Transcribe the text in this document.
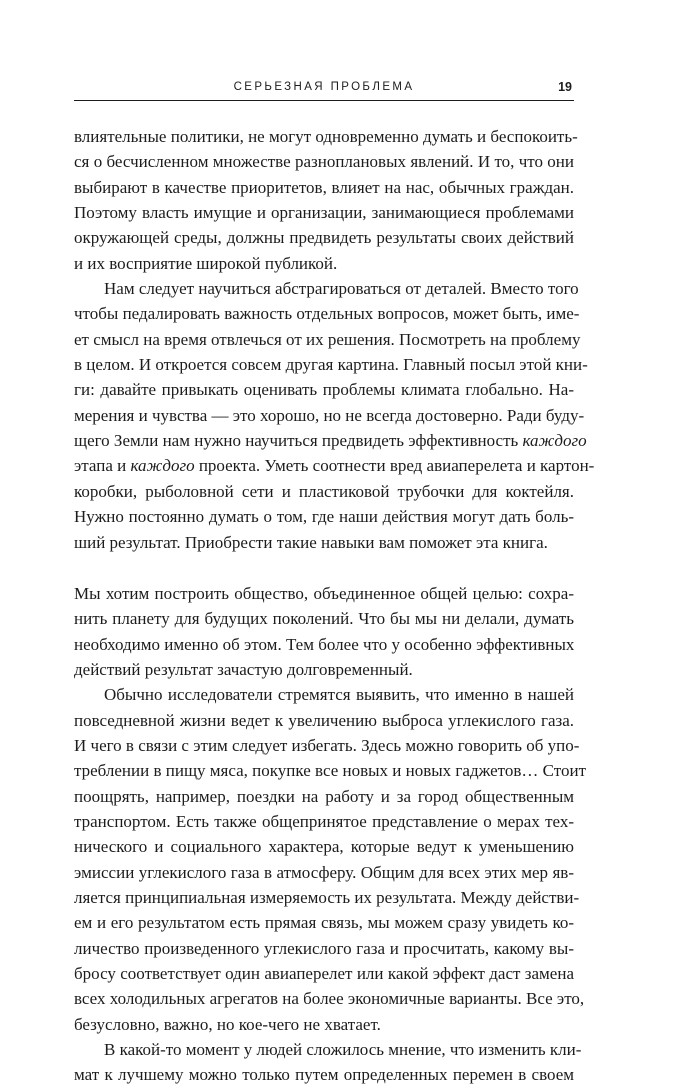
СЕРЬЕЗНАЯ ПРОБЛЕМА	19
влиятельные политики, не могут одновременно думать и беспокоить-
ся о бесчисленном множестве разноплановых явлений. И то, что они
выбирают в качестве приоритетов, влияет на нас, обычных граждан.
Поэтому власть имущие и организации, занимающиеся проблемами
окружающей среды, должны предвидеть результаты своих действий
и их восприятие широкой публикой.
Нам следует научиться абстрагироваться от деталей. Вместо того
чтобы педалировать важность отдельных вопросов, может быть, име-
ет смысл на время отвлечься от их решения. Посмотреть на проблему
в целом. И откроется совсем другая картина. Главный посыл этой кни-
ги: давайте привыкать оценивать проблемы климата глобально. На-
мерения и чувства — это хорошо, но не всегда достоверно. Ради буду-
щего Земли нам нужно научиться предвидеть эффективность каждого
этапа и каждого проекта. Уметь соотнести вред авиаперелета и картон-
коробки, рыболовной сети и пластиковой трубочки для коктейля.
Нужно постоянно думать о том, где наши действия могут дать боль-
ший результат. Приобрести такие навыки вам поможет эта книга.
Мы хотим построить общество, объединенное общей целью: сохра-
нить планету для будущих поколений. Что бы мы ни делали, думать
необходимо именно об этом. Тем более что у особенно эффективных
действий результат зачастую долговременный.
Обычно исследователи стремятся выявить, что именно в нашей
повседневной жизни ведет к увеличению выброса углекислого газа.
И чего в связи с этим следует избегать. Здесь можно говорить об упо-
треблении в пищу мяса, покупке все новых и новых гаджетов… Стоит
поощрять, например, поездки на работу и за город общественным
транспортом. Есть также общепринятое представление о мерах тех-
нического и социального характера, которые ведут к уменьшению
эмиссии углекислого газа в атмосферу. Общим для всех этих мер яв-
ляется принципиальная измеряемость их результата. Между действи-
ем и его результатом есть прямая связь, мы можем сразу увидеть ко-
личество произведенного углекислого газа и просчитать, какому вы-
бросу соответствует один авиаперелет или какой эффект даст замена
всех холодильных агрегатов на более экономичные варианты. Все это,
безусловно, важно, но кое-чего не хватает.
В какой-то момент у людей сложилось мнение, что изменить кли-
мат к лучшему можно только путем определенных перемен в своем
